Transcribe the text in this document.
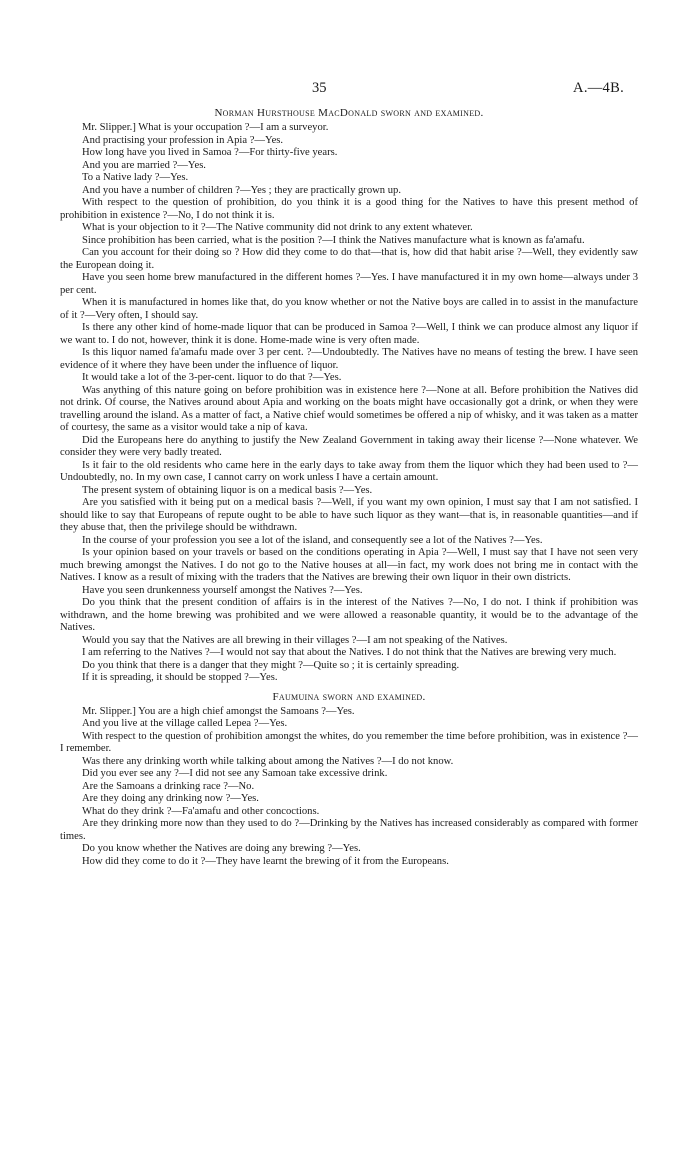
35	A.—4B.
Norman Hursthouse MacDonald sworn and examined.

Mr. Slipper.] What is your occupation ?—I am a surveyor.

And practising your profession in Apia ?—Yes.

How long have you lived in Samoa ?—For thirty-five years.

And you are married ?—Yes.

To a Native lady ?—Yes.

And you have a number of children ?—Yes ; they are practically grown up.

With respect to the question of prohibition, do you think it is a good thing for the Natives to have this present method of prohibition in existence ?—No, I do not think it is.

What is your objection to it ?—The Native community did not drink to any extent whatever.

Since prohibition has been carried, what is the position ?—I think the Natives manufacture what is known as fa'amafu.

Can you account for their doing so ? How did they come to do that—that is, how did that habit arise ?—Well, they evidently saw the European doing it.

Have you seen home brew manufactured in the different homes ?—Yes. I have manufactured it in my own home—always under 3 per cent.

When it is manufactured in homes like that, do you know whether or not the Native boys are called in to assist in the manufacture of it ?—Very often, I should say.

Is there any other kind of home-made liquor that can be produced in Samoa ?—Well, I think we can produce almost any liquor if we want to. I do not, however, think it is done. Home-made wine is very often made.

Is this liquor named fa'amafu made over 3 per cent. ?—Undoubtedly. The Natives have no means of testing the brew. I have seen evidence of it where they have been under the influence of liquor.

It would take a lot of the 3-per-cent. liquor to do that ?—Yes.

Was anything of this nature going on before prohibition was in existence here ?—None at all. Before prohibition the Natives did not drink. Of course, the Natives around about Apia and working on the boats might have occasionally got a drink, or when they were travelling around the island. As a matter of fact, a Native chief would sometimes be offered a nip of whisky, and it was taken as a matter of courtesy, the same as a visitor would take a nip of kava.

Did the Europeans here do anything to justify the New Zealand Government in taking away their license ?—None whatever. We consider they were very badly treated.

Is it fair to the old residents who came here in the early days to take away from them the liquor which they had been used to ?—Undoubtedly, no. In my own case, I cannot carry on work unless I have a certain amount.

The present system of obtaining liquor is on a medical basis ?—Yes.

Are you satisfied with it being put on a medical basis ?—Well, if you want my own opinion, I must say that I am not satisfied. I should like to say that Europeans of repute ought to be able to have such liquor as they want—that is, in reasonable quantities—and if they abuse that, then the privilege should be withdrawn.

In the course of your profession you see a lot of the island, and consequently see a lot of the Natives ?—Yes.

Is your opinion based on your travels or based on the conditions operating in Apia ?—Well, I must say that I have not seen very much brewing amongst the Natives. I do not go to the Native houses at all—in fact, my work does not bring me in contact with the Natives. I know as a result of mixing with the traders that the Natives are brewing their own liquor in their own districts.

Have you seen drunkenness yourself amongst the Natives ?—Yes.

Do you think that the present condition of affairs is in the interest of the Natives ?—No, I do not. I think if prohibition was withdrawn, and the home brewing was prohibited and we were allowed a reasonable quantity, it would be to the advantage of the Natives.

Would you say that the Natives are all brewing in their villages ?—I am not speaking of the Natives.

I am referring to the Natives ?—I would not say that about the Natives. I do not think that the Natives are brewing very much.

Do you think that there is a danger that they might ?—Quite so ; it is certainly spreading.

If it is spreading, it should be stopped ?—Yes.

Faumuina sworn and examined.

Mr. Slipper.] You are a high chief amongst the Samoans ?—Yes.

And you live at the village called Lepea ?—Yes.

With respect to the question of prohibition amongst the whites, do you remember the time before prohibition, was in existence ?—I remember.

Was there any drinking worth while talking about among the Natives ?—I do not know.

Did you ever see any ?—I did not see any Samoan take excessive drink.

Are the Samoans a drinking race ?—No.

Are they doing any drinking now ?—Yes.

What do they drink ?—Fa'amafu and other concoctions.

Are they drinking more now than they used to do ?—Drinking by the Natives has increased considerably as compared with former times.

Do you know whether the Natives are doing any brewing ?—Yes.

How did they come to do it ?—They have learnt the brewing of it from the Europeans.
